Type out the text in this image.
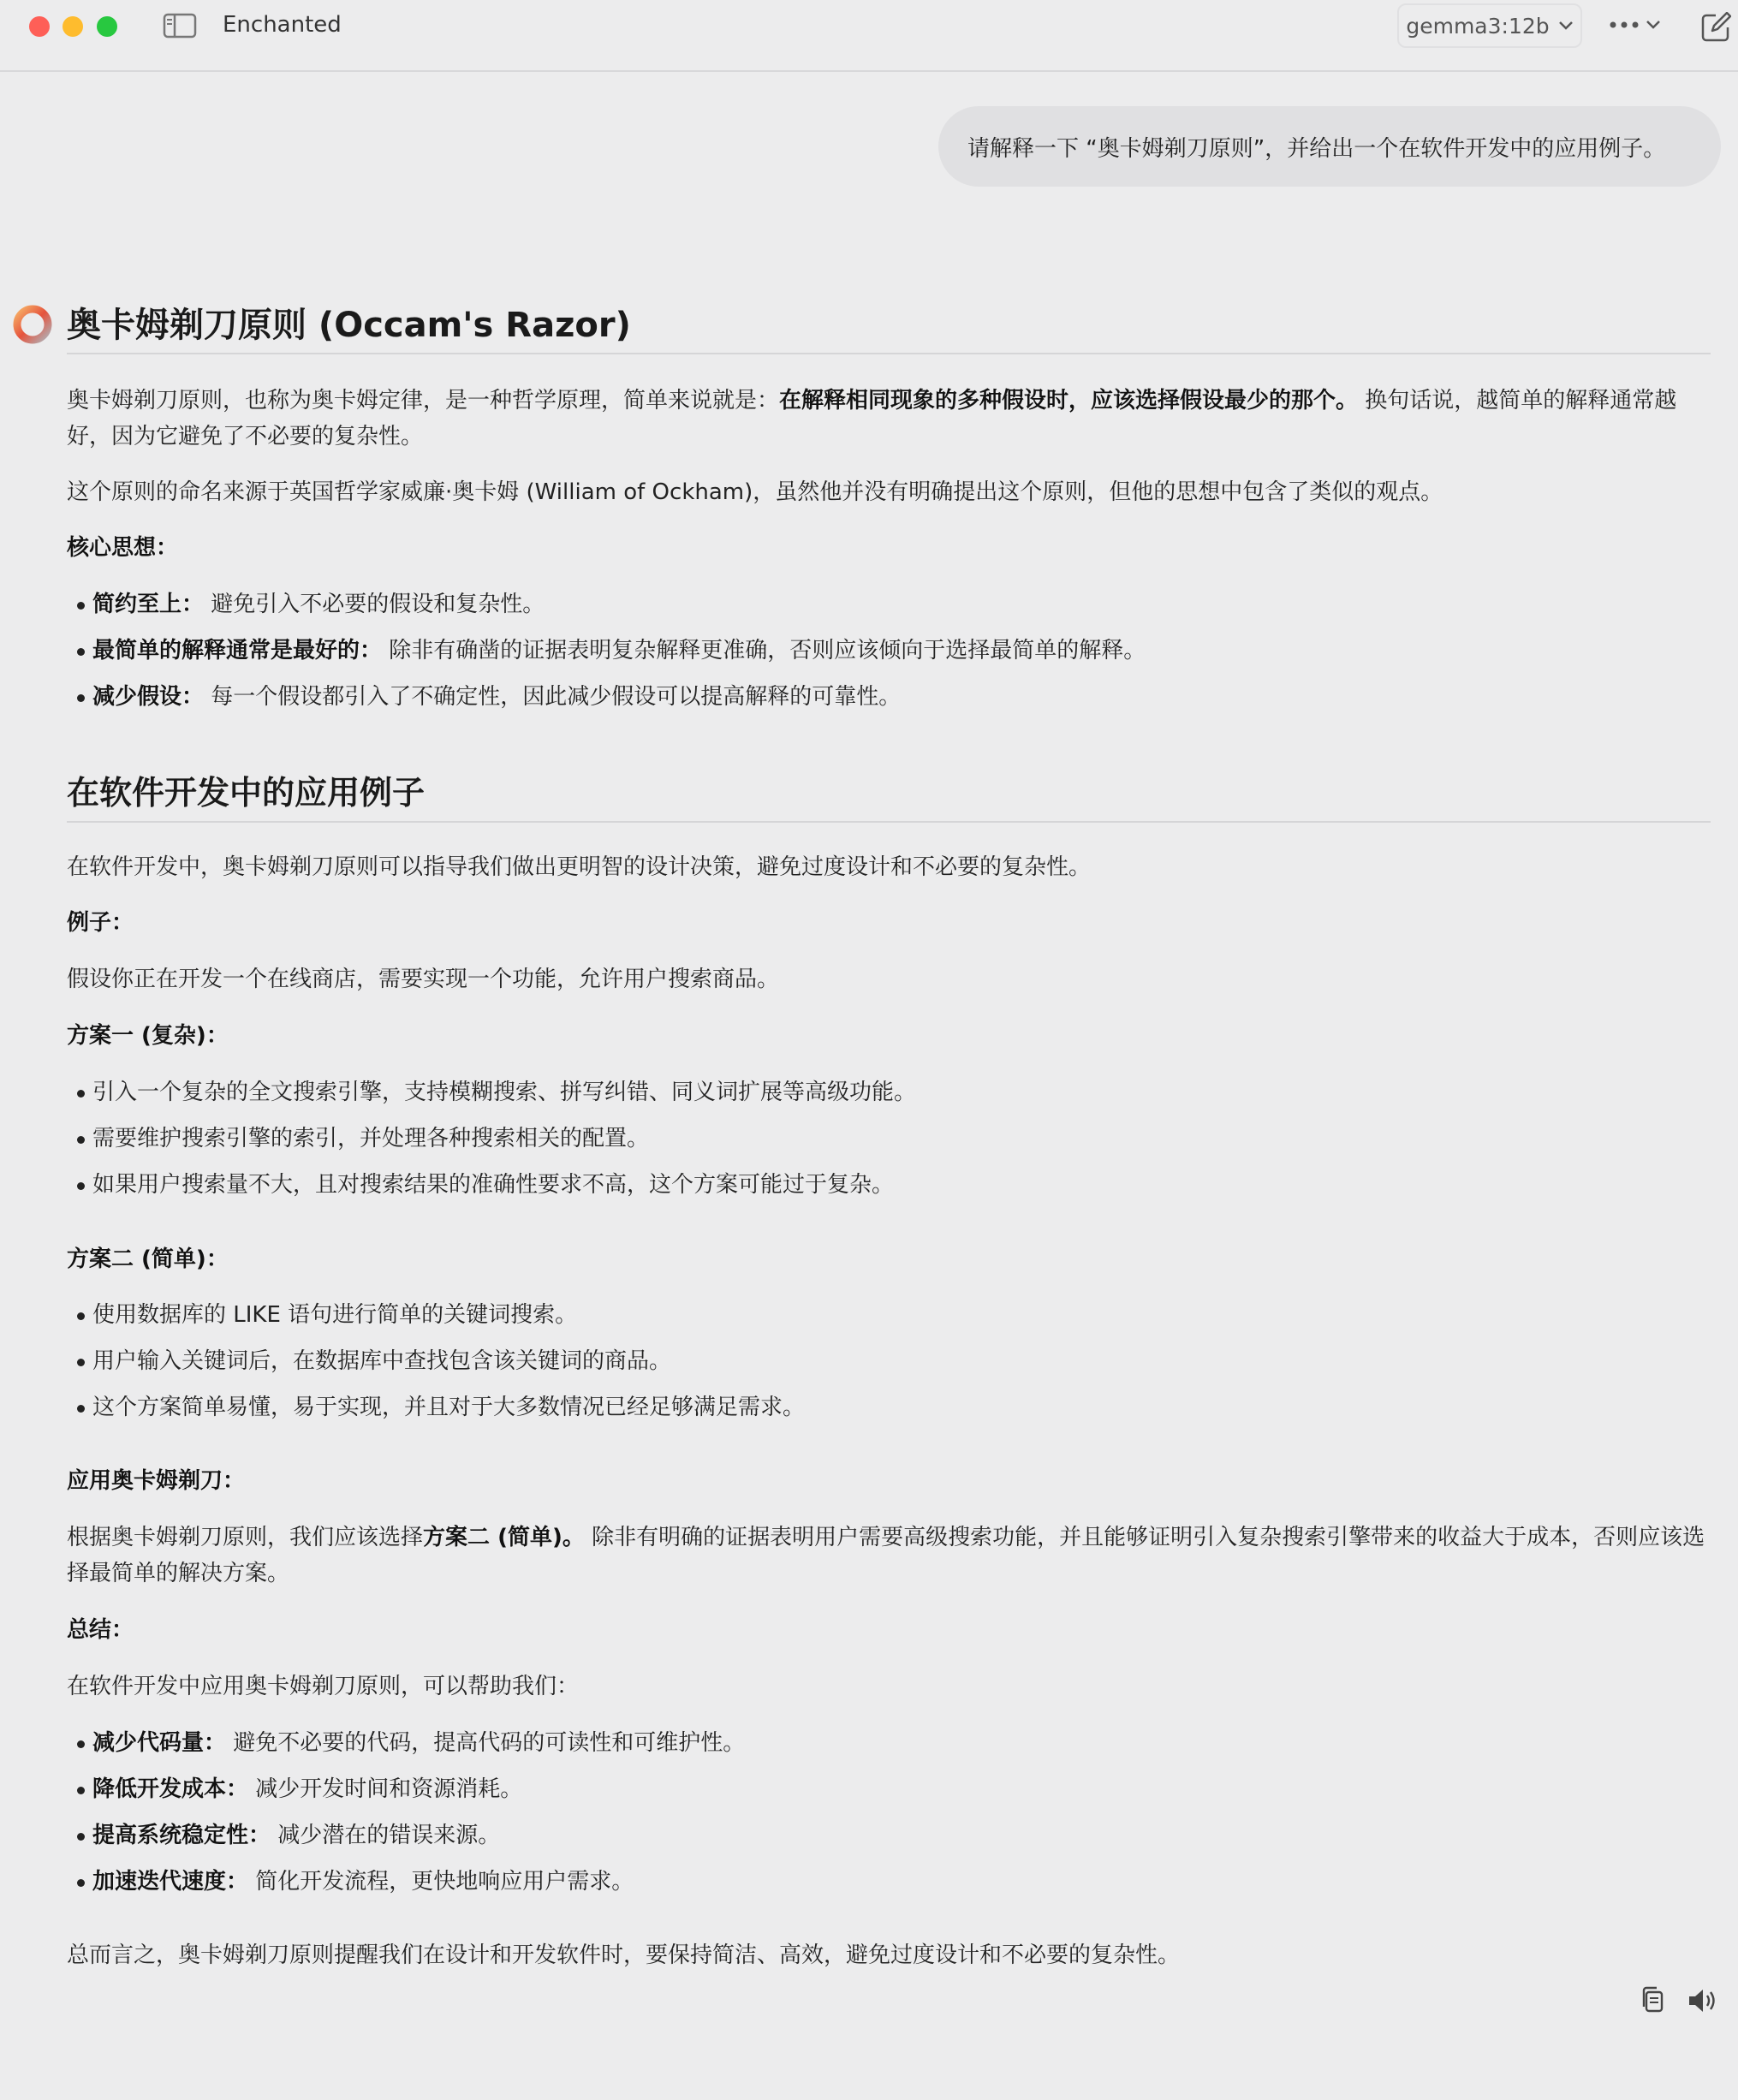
Enchanted	gemma3:12b
请解释一下 “奥卡姆剃刀原则”，并给出一个在软件开发中的应用例子。
奥卡姆剃刀原则 (Occam's Razor)
奥卡姆剃刀原则，也称为奥卡姆定律，是一种哲学原理，简单来说就是：在解释相同现象的多种假设时，应该选择假设最少的那个。 换句话说，越简单的解释通常越好，因为它避免了不必要的复杂性。
这个原则的命名来源于英国哲学家威廉·奥卡姆 (William of Ockham)，虽然他并没有明确提出这个原则，但他的思想中包含了类似的观点。
核心思想：
简约至上： 避免引入不必要的假设和复杂性。
最简单的解释通常是最好的： 除非有确凿的证据表明复杂解释更准确，否则应该倾向于选择最简单的解释。
减少假设： 每一个假设都引入了不确定性，因此减少假设可以提高解释的可靠性。
在软件开发中的应用例子
在软件开发中，奥卡姆剃刀原则可以指导我们做出更明智的设计决策，避免过度设计和不必要的复杂性。
例子：
假设你正在开发一个在线商店，需要实现一个功能，允许用户搜索商品。
方案一 (复杂)：
引入一个复杂的全文搜索引擎，支持模糊搜索、拼写纠错、同义词扩展等高级功能。
需要维护搜索引擎的索引，并处理各种搜索相关的配置。
如果用户搜索量不大，且对搜索结果的准确性要求不高，这个方案可能过于复杂。
方案二 (简单)：
使用数据库的 LIKE 语句进行简单的关键词搜索。
用户输入关键词后，在数据库中查找包含该关键词的商品。
这个方案简单易懂，易于实现，并且对于大多数情况已经足够满足需求。
应用奥卡姆剃刀：
根据奥卡姆剃刀原则，我们应该选择方案二 (简单)。 除非有明确的证据表明用户需要高级搜索功能，并且能够证明引入复杂搜索引擎带来的收益大于成本，否则应该选择最简单的解决方案。
总结：
在软件开发中应用奥卡姆剃刀原则，可以帮助我们：
减少代码量： 避免不必要的代码，提高代码的可读性和可维护性。
降低开发成本： 减少开发时间和资源消耗。
提高系统稳定性： 减少潜在的错误来源。
加速迭代速度： 简化开发流程，更快地响应用户需求。
总而言之，奥卡姆剃刀原则提醒我们在设计和开发软件时，要保持简洁、高效，避免过度设计和不必要的复杂性。
